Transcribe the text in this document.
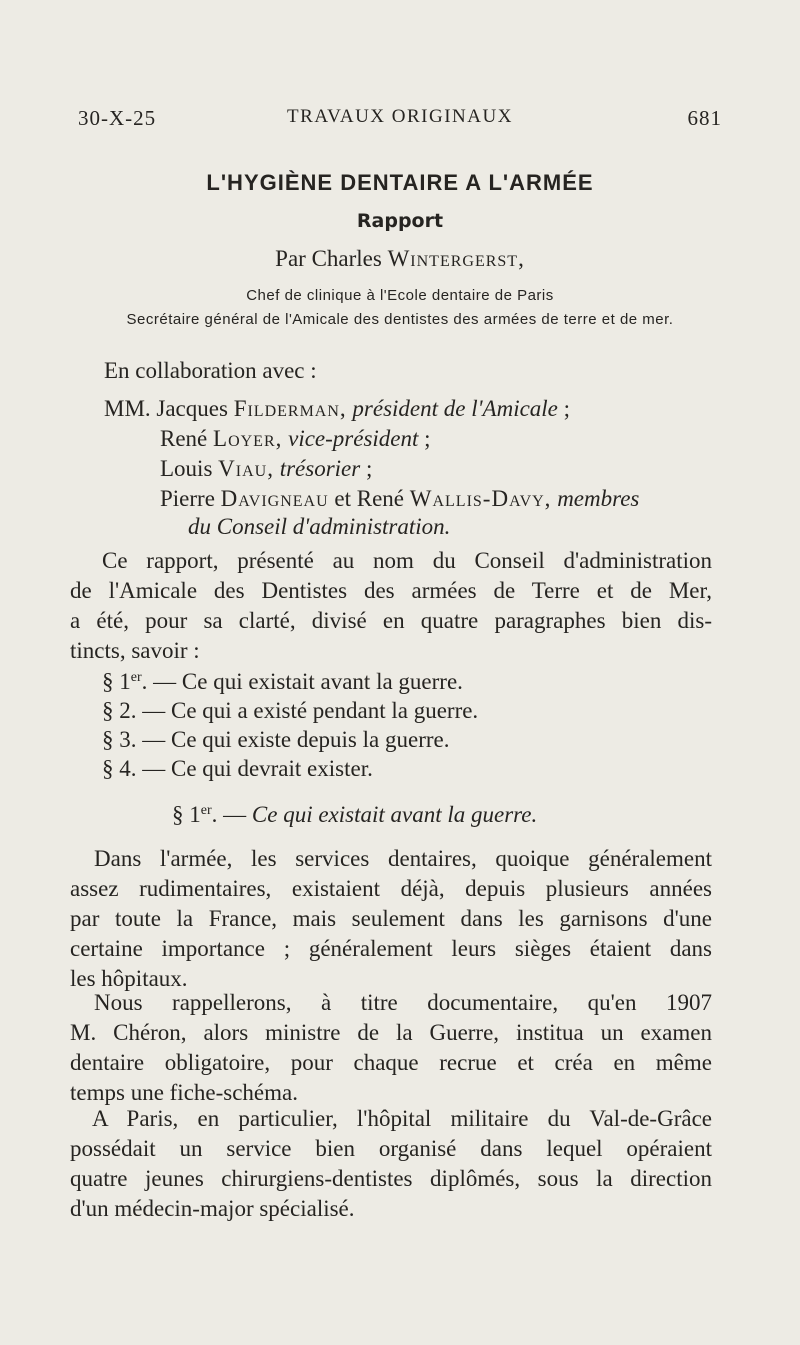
30-X-25	TRAVAUX ORIGINAUX	681
L'HYGIÈNE DENTAIRE A L'ARMÉE
Rapport
Par Charles Wintergerst,
Chef de clinique à l'Ecole dentaire de Paris
Secrétaire général de l'Amicale des dentistes des armées de terre et de mer.
En collaboration avec :
MM. Jacques Filderman, président de l'Amicale ;
René Loyer, vice-président ;
Louis Viau, trésorier ;
Pierre Davigneau et René Wallis-Davy, membres
du Conseil d'administration.
Ce rapport, présenté au nom du Conseil d'administration
de l'Amicale des Dentistes des armées de Terre et de Mer,
a été, pour sa clarté, divisé en quatre paragraphes bien dis-
tincts, savoir :
§ 1er. — Ce qui existait avant la guerre.
§ 2. — Ce qui a existé pendant la guerre.
§ 3. — Ce qui existe depuis la guerre.
§ 4. — Ce qui devrait exister.
§ 1er. — Ce qui existait avant la guerre.
Dans l'armée, les services dentaires, quoique généralement
assez rudimentaires, existaient déjà, depuis plusieurs années
par toute la France, mais seulement dans les garnisons d'une
certaine importance ; généralement leurs sièges étaient dans
les hôpitaux.
Nous rappellerons, à titre documentaire, qu'en 1907
M. Chéron, alors ministre de la Guerre, institua un examen
dentaire obligatoire, pour chaque recrue et créa en même
temps une fiche-schéma.
A Paris, en particulier, l'hôpital militaire du Val-de-Grâce
possédait un service bien organisé dans lequel opéraient
quatre jeunes chirurgiens-dentistes diplômés, sous la direction
d'un médecin-major spécialisé.
